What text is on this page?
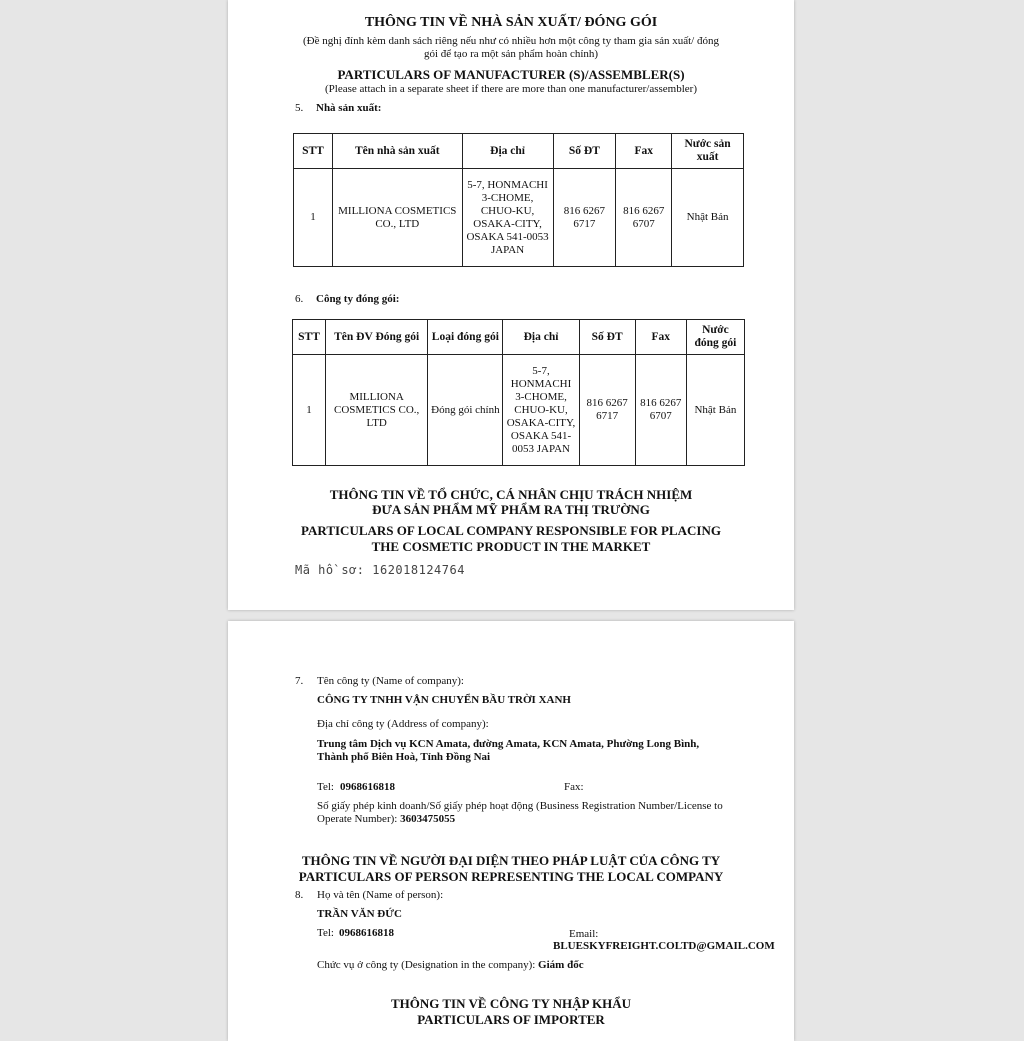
THÔNG TIN VỀ NHÀ SẢN XUẤT/ ĐÓNG GÓI
(Đề nghị đính kèm danh sách riêng nếu như có nhiều hơn một công ty tham gia sản xuất/ đóng
gói để tạo ra một sản phẩm hoàn chỉnh)
PARTICULARS OF MANUFACTURER (S)/ASSEMBLER(S)
(Please attach in a separate sheet if there are more than one manufacturer/assembler)
5. Nhà sản xuất:
STT	Tên nhà sản xuất	Địa chỉ	Số ĐT	Fax	Nước sản xuất
1	MILLIONA COSMETICS CO., LTD	5-7, HONMACHI 3-CHOME, CHUO-KU, OSAKA-CITY, OSAKA 541-0053 JAPAN	816 6267 6717	816 6267 6707	Nhật Bản
6. Công ty đóng gói:
STT	Tên ĐV Đóng gói	Loại đóng gói	Địa chỉ	Số ĐT	Fax	Nước đóng gói
1	MILLIONA COSMETICS CO., LTD	Đóng gói chính	5-7, HONMACHI 3-CHOME, CHUO-KU, OSAKA-CITY, OSAKA 541-0053 JAPAN	816 6267 6717	816 6267 6707	Nhật Bản
THÔNG TIN VỀ TỔ CHỨC, CÁ NHÂN CHỊU TRÁCH NHIỆM
ĐƯA SẢN PHẨM MỸ PHẨM RA THỊ TRƯỜNG
PARTICULARS OF LOCAL COMPANY RESPONSIBLE FOR PLACING
THE COSMETIC PRODUCT IN THE MARKET
Mã hồ sơ: 162018124764
7. Tên công ty (Name of company):
CÔNG TY TNHH VẬN CHUYỂN BẦU TRỜI XANH
Địa chỉ công ty (Address of company):
Trung tâm Dịch vụ KCN Amata, đường Amata, KCN Amata, Phường Long Bình,
Thành phố Biên Hoà, Tỉnh Đồng Nai
Tel: 0968616818	Fax:
Số giấy phép kinh doanh/Số giấy phép hoạt động (Business Registration Number/License to
Operate Number): 3603475055
THÔNG TIN VỀ NGƯỜI ĐẠI DIỆN THEO PHÁP LUẬT CỦA CÔNG TY
PARTICULARS OF PERSON REPRESENTING THE LOCAL COMPANY
8. Họ và tên (Name of person):
TRẦN VĂN ĐỨC
Tel: 0968616818	Email:
BLUESKYFREIGHT.COLTD@GMAIL.COM
Chức vụ ở công ty (Designation in the company): Giám đốc
THÔNG TIN VỀ CÔNG TY NHẬP KHẨU
PARTICULARS OF IMPORTER
